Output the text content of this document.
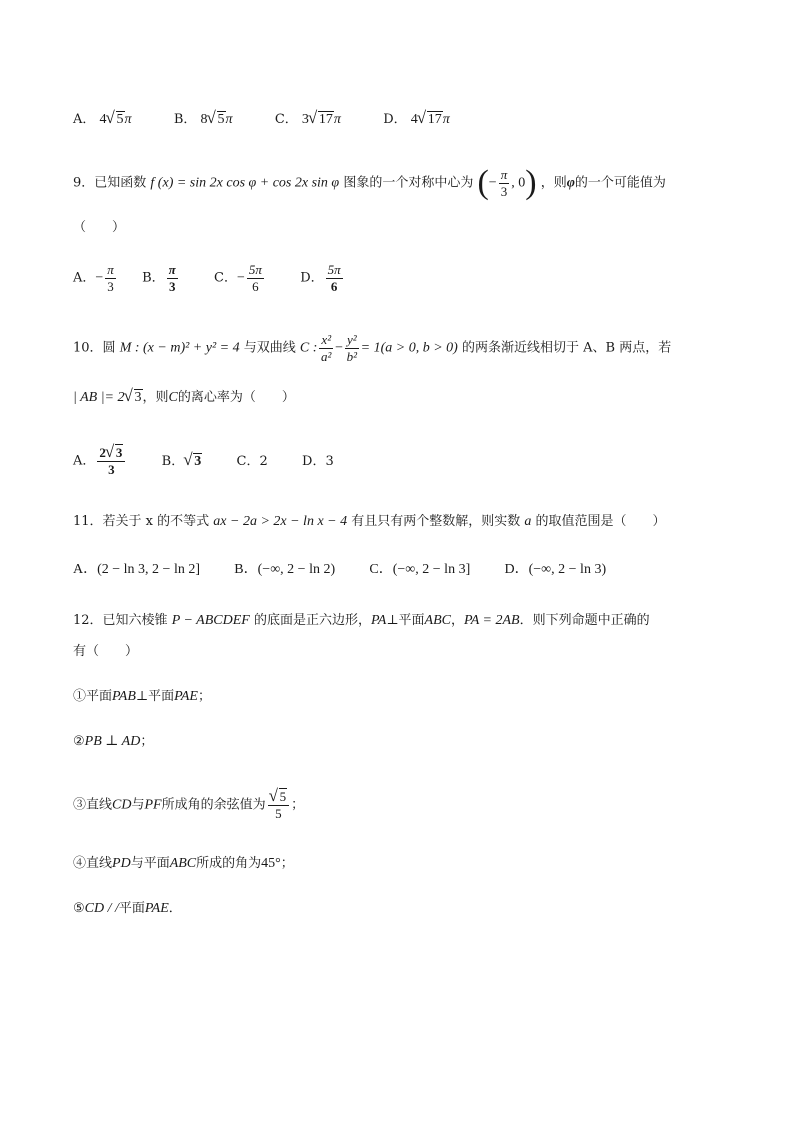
A． 4 √ 5π	B． 8 √ 5π	C． 3 √ 17π	D． 4 √ 17π
9．已知函数 f (x) = sin 2x cos φ + cos 2x sin φ 图象的一个对称中心为 (− $\frac{\pi}{3}$ , 0) ，则φ的一个可能值为
（　　）
A．− $\frac{\pi}{3}$ B． $\frac{\pi}{3}$	C．− $\frac{5\pi}{6}$	D． $\frac{5\pi}{6}$
10．圆 M : (x − m)² + y² = 4 与双曲线 C : $\frac{\text{x²}}{\text{a²}} - \frac{\text{y²}}{\text{b²}} = 1(a > 0$, b > 0) 的两条渐近线相切于 A、B 两点，若
| AB |= 2 √ 3，则C的离心率为（　　）
A． $\frac{2 √ 3}{3}$	B． √ 3	C．2	D．3
11．若关于 x 的不等式 ax − 2a > 2x − ln x − 4 有且只有两个整数解，则实数 a 的取值范围是（　　）
A．(2 − ln 3, 2 − ln 2] B．(−∞, 2 − ln 2) C．(−∞, 2 − ln 3] D．(−∞, 2 − ln 3)
12．已知六棱锥 P − ABCDEF 的底面是正六边形，PA⊥平面ABC，PA = 2AB．则下列命题中正确的
有（　　）
①平面PAB⊥平面PAE；
②PB ⊥ AD；
③直线CD与PF所成角的余弦值为 √ $\frac{5}{5}$ ；
④直线PD与平面ABC所成的角为45°；
⑤CD / /平面PAE．
